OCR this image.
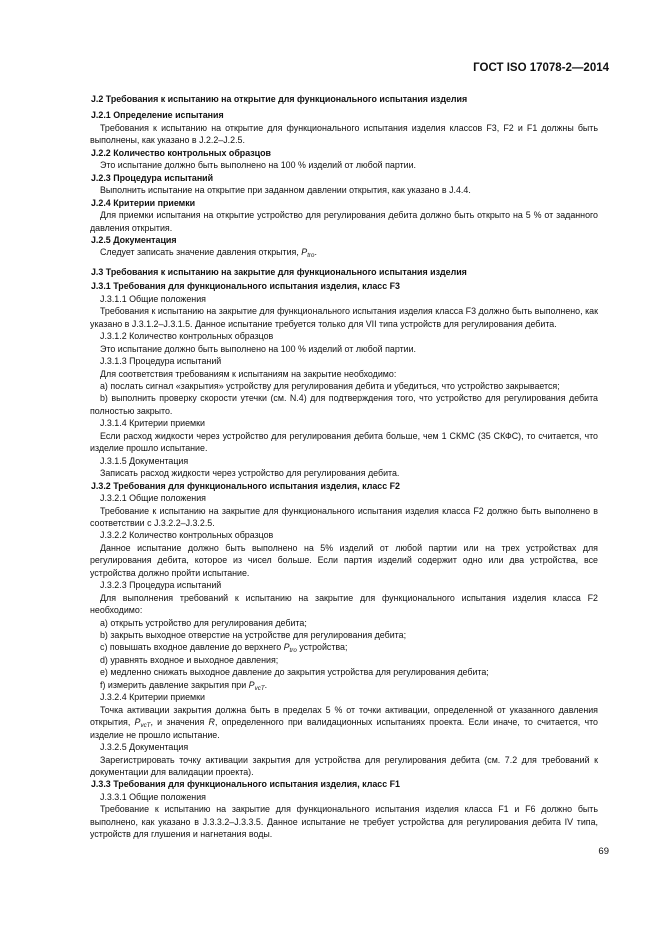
ГОСТ ISO 17078-2—2014

J.2 Требования к испытанию на открытие для функционального испытания изделия

J.2.1 Определение испытания

Требования к испытанию на открытие для функционального испытания изделия классов F3, F2 и F1 должны быть выполнены, как указано в J.2.2–J.2.5.

J.2.2 Количество контрольных образцов

Это испытание должно быть выполнено на 100 % изделий от любой партии.

J.2.3 Процедура испытаний

Выполнить испытание на открытие при заданном давлении открытия, как указано в J.4.4.

J.2.4 Критерии приемки

Для приемки испытания на открытие устройство для регулирования дебита должно быть открыто на 5 % от заданного давления открытия.

J.2.5 Документация

Следует записать значение давления открытия, $P_{tro}$.

J.3 Требования к испытанию на закрытие для функционального испытания изделия

J.3.1 Требования для функционального испытания изделия, класс F3

J.3.1.1 Общие положения

Требования к испытанию на закрытие для функционального испытания изделия класса F3 должно быть выполнено, как указано в J.3.1.2–J.3.1.5. Данное испытание требуется только для VII типа устройств для регулирования дебита.

J.3.1.2 Количество контрольных образцов

Это испытание должно быть выполнено на 100 % изделий от любой партии.

J.3.1.3 Процедура испытаний

Для соответствия требованиям к испытаниям на закрытие необходимо:

а) послать сигнал «закрытия» устройству для регулирования дебита и убедиться, что устройство закрывается;

b) выполнить проверку скорости утечки (см. N.4) для подтверждения того, что устройство для регулирования дебита полностью закрыто.

J.3.1.4 Критерии приемки

Если расход жидкости через устройство для регулирования дебита больше, чем 1 СКМС (35 СКФС), то считается, что изделие прошло испытание.

J.3.1.5 Документация

Записать расход жидкости через устройство для регулирования дебита.

J.3.2 Требования для функционального испытания изделия, класс F2

J.3.2.1 Общие положения

Требование к испытанию на закрытие для функционального испытания изделия класса F2 должно быть выполнено в соответствии с J.3.2.2–J.3.2.5.

J.3.2.2 Количество контрольных образцов

Данное испытание должно быть выполнено на 5% изделий от любой партии или на трех устройствах для регулирования дебита, которое из чисел больше. Если партия изделий содержит одно или два устройства, все устройства должно пройти испытание.

J.3.2.3 Процедура испытаний

Для выполнения требований к испытанию на закрытие для функционального испытания изделия класса F2 необходимо:

a) открыть устройство для регулирования дебита;

b) закрыть выходное отверстие на устройстве для регулирования дебита;

c) повышать входное давление до верхнего $P_{tro}$ устройства;

d) уравнять входное и выходное давления;

e) медленно снижать выходное давление до закрытия устройства для регулирования дебита;

f) измерить давление закрытия при $P_{vcT}$.

J.3.2.4 Критерии приемки

Точка активации закрытия должна быть в пределах 5 % от точки активации, определенной от указанного давления открытия, $P_{vcT}$, и значения R, определенного при валидационных испытаниях проекта. Если иначе, то считается, что изделие не прошло испытание.

J.3.2.5 Документация

Зарегистрировать точку активации закрытия для устройства для регулирования дебита (см. 7.2 для требований к документации для валидации проекта).

J.3.3 Требования для функционального испытания изделия, класс F1

J.3.3.1 Общие положения

Требование к испытанию на закрытие для функционального испытания изделия класса F1 и F6 должно быть выполнено, как указано в J.3.3.2–J.3.3.5. Данное испытание не требует устройства для регулирования дебита IV типа, устройств для глушения и нагнетания воды.

69
